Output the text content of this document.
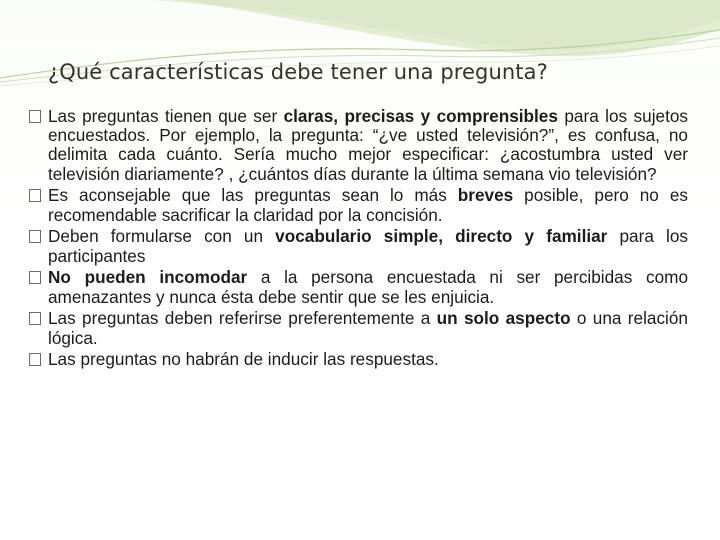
¿Qué características debe tener una pregunta?
Las preguntas tienen que ser claras, precisas y comprensibles para los sujetos encuestados. Por ejemplo, la pregunta: “¿ve usted televisión?”, es confusa, no delimita cada cuánto. Sería mucho mejor especificar: ¿acostumbra usted ver televisión diariamente? , ¿cuántos días durante la última semana vio televisión?
Es aconsejable que las preguntas sean lo más breves posible, pero no es recomendable sacrificar la claridad por la concisión.
Deben formularse con un vocabulario simple, directo y familiar para los participantes
No pueden incomodar a la persona encuestada ni ser percibidas como amenazantes y nunca ésta debe sentir que se les enjuicia.
Las preguntas deben referirse preferentemente a un solo aspecto o una relación lógica.
Las preguntas no habrán de inducir las respuestas.
